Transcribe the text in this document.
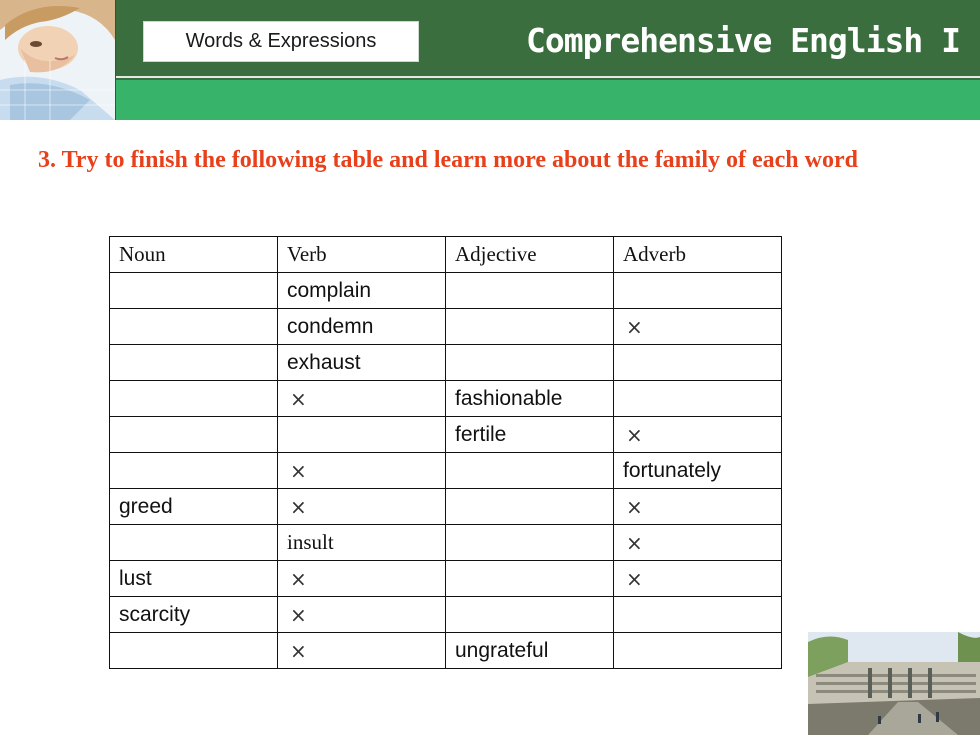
Words & Expressions	Comprehensive English I
3. Try to finish the following table and learn more about the family of each word
Noun	Verb	Adjective	Adverb
	complain		
	condemn		×
	exhaust		
	×	fashionable	
		fertile	×
	×		fortunately
greed	×		×
	insult		×
lust	×		×
scarcity	×		
	×	ungrateful	
